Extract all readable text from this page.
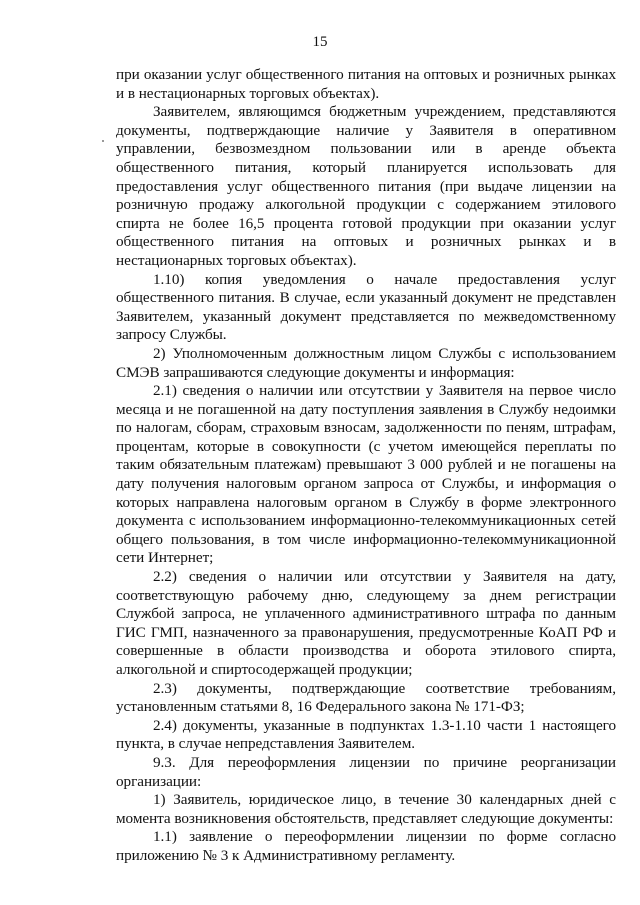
15

при оказании услуг общественного питания на оптовых и розничных рынках и в нестационарных торговых объектах).

Заявителем, являющимся бюджетным учреждением, представляются документы, подтверждающие наличие у Заявителя в оперативном управлении, безвозмездном пользовании или в аренде объекта общественного питания, который планируется использовать для предоставления услуг общественного питания (при выдаче лицензии на розничную продажу алкогольной продукции с содержанием этилового спирта не более 16,5 процента готовой продукции при оказании услуг общественного питания на оптовых и розничных рынках и в нестационарных торговых объектах).

1.10) копия уведомления о начале предоставления услуг общественного питания. В случае, если указанный документ не представлен Заявителем, указанный документ представляется по межведомственному запросу Службы.

2) Уполномоченным должностным лицом Службы с использованием СМЭВ запрашиваются следующие документы и информация:

2.1) сведения о наличии или отсутствии у Заявителя на первое число месяца и не погашенной на дату поступления заявления в Службу недоимки по налогам, сборам, страховым взносам, задолженности по пеням, штрафам, процентам, которые в совокупности (с учетом имеющейся переплаты по таким обязательным платежам) превышают 3 000 рублей и не погашены на дату получения налоговым органом запроса от Службы, и информация о которых направлена налоговым органом в Службу в форме электронного документа с использованием информационно-телекоммуникационных сетей общего пользования, в том числе информационно-телекоммуникационной сети Интернет;

2.2) сведения о наличии или отсутствии у Заявителя на дату, соответствующую рабочему дню, следующему за днем регистрации Службой запроса, не уплаченного административного штрафа по данным ГИС ГМП, назначенного за правонарушения, предусмотренные КоАП РФ и совершенные в области производства и оборота этилового спирта, алкогольной и спиртосодержащей продукции;

2.3) документы, подтверждающие соответствие требованиям, установленным статьями 8, 16 Федерального закона № 171-ФЗ;

2.4) документы, указанные в подпунктах 1.3-1.10 части 1 настоящего пункта, в случае непредставления Заявителем.

9.3. Для переоформления лицензии по причине реорганизации организации:

1) Заявитель, юридическое лицо, в течение 30 календарных дней с момента возникновения обстоятельств, представляет следующие документы:

1.1) заявление о переоформлении лицензии по форме согласно приложению № 3 к Административному регламенту.
